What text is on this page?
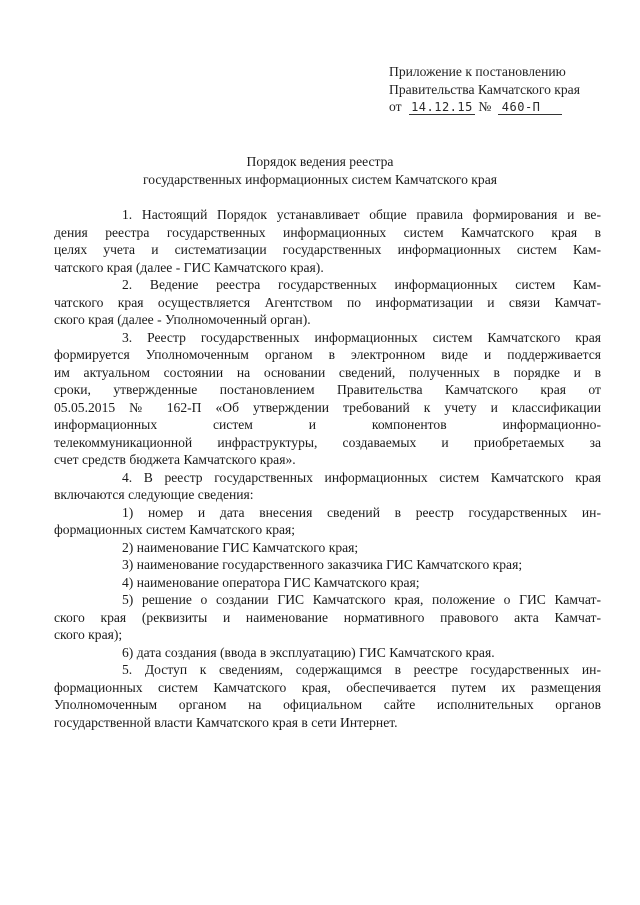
Приложение к постановлению
Правительства Камчатского края
от 14.12.15 № 460-П
Порядок ведения реестра
государственных информационных систем Камчатского края

1. Настоящий Порядок устанавливает общие правила формирования и ве-
дения реестра государственных информационных систем Камчатского края в
целях учета и систематизации государственных информационных систем Кам-
чатского края (далее - ГИС Камчатского края).

2. Ведение реестра государственных информационных систем Кам-
чатского края осуществляется Агентством по информатизации и связи Камчат-
ского края (далее - Уполномоченный орган).

3. Реестр государственных информационных систем Камчатского края
формируется Уполномоченным органом в электронном виде и поддерживается
им актуальном состоянии на основании сведений, полученных в порядке и в
сроки, утвержденные постановлением Правительства Камчатского края от
05.05.2015 № 162-П «Об утверждении требований к учету и классификации
информационных систем и компонентов информационно-
телекоммуникационной инфраструктуры, создаваемых и приобретаемых за
счет средств бюджета Камчатского края».

4. В реестр государственных информационных систем Камчатского края
включаются следующие сведения:

1) номер и дата внесения сведений в реестр государственных ин-
формационных систем Камчатского края;

2) наименование ГИС Камчатского края;

3) наименование государственного заказчика ГИС Камчатского края;

4) наименование оператора ГИС Камчатского края;

5) решение о создании ГИС Камчатского края, положение о ГИС Камчат-
ского края (реквизиты и наименование нормативного правового акта Камчат-
ского края);

6) дата создания (ввода в эксплуатацию) ГИС Камчатского края.

5. Доступ к сведениям, содержащимся в реестре государственных ин-
формационных систем Камчатского края, обеспечивается путем их размещения
Уполномоченным органом на официальном сайте исполнительных органов
государственной власти Камчатского края в сети Интернет.
